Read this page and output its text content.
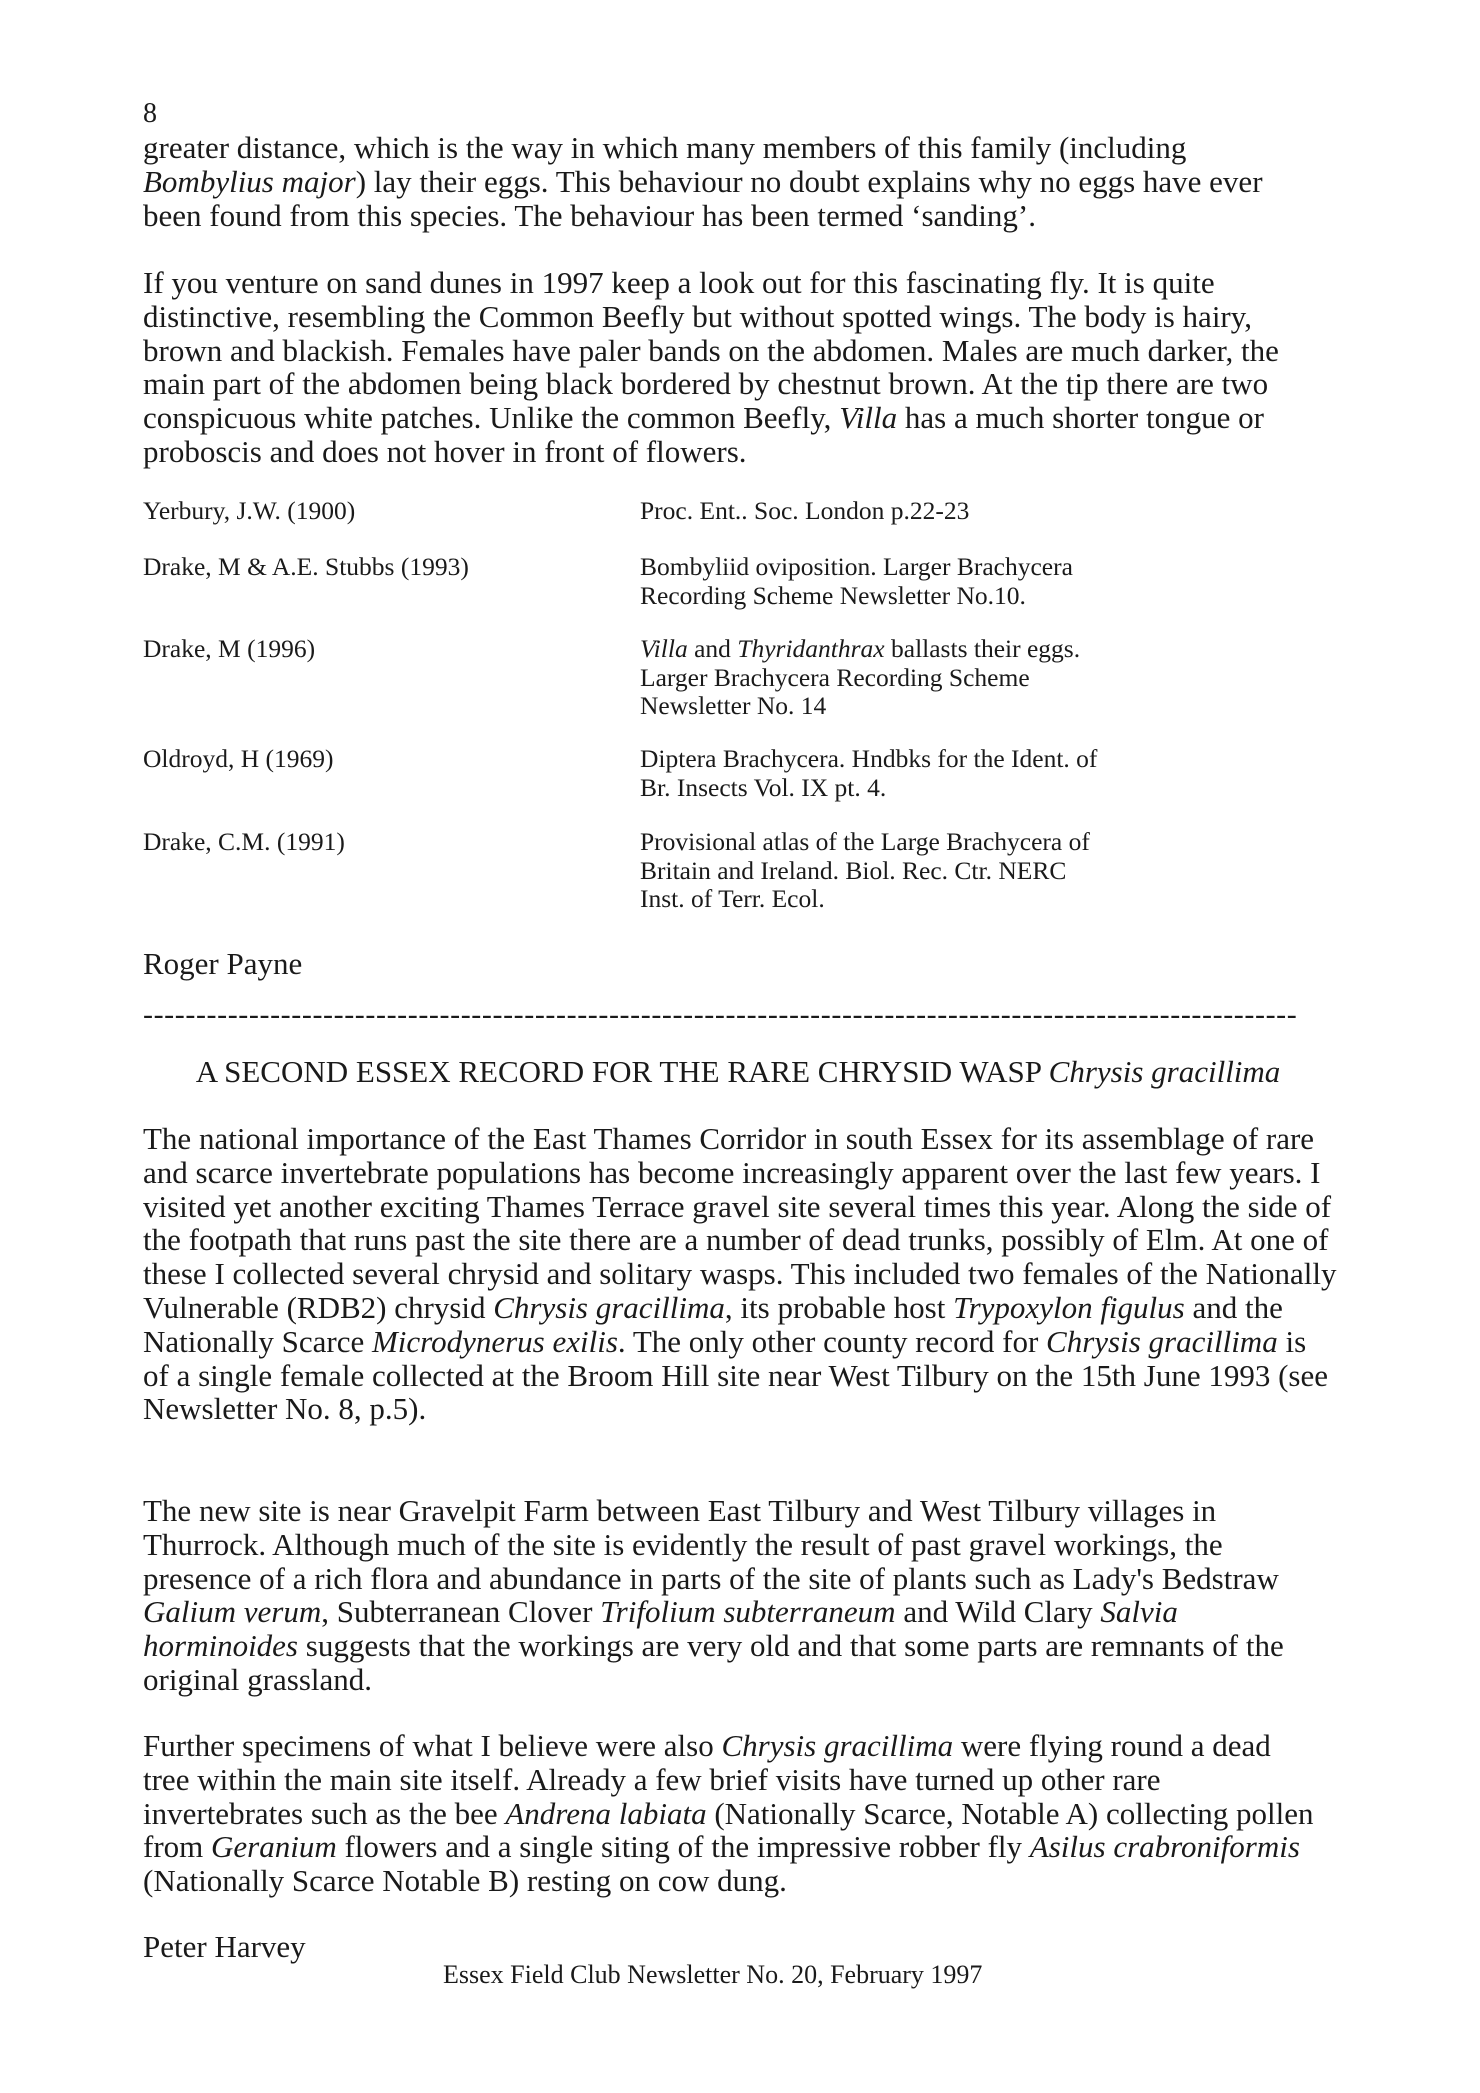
8

greater distance, which is the way in which many members of this family (including Bombylius major) lay their eggs. This behaviour no doubt explains why no eggs have ever been found from this species. The behaviour has been termed ‘sanding’.

If you venture on sand dunes in 1997 keep a look out for this fascinating fly. It is quite distinctive, resembling the Common Beefly but without spotted wings. The body is hairy, brown and blackish. Females have paler bands on the abdomen. Males are much darker, the main part of the abdomen being black bordered by chestnut brown. At the tip there are two conspicuous white patches. Unlike the common Beefly, Villa has a much shorter tongue or proboscis and does not hover in front of flowers.

Yerbury, J.W. (1900)	Proc. Ent.. Soc. London p.22-23
Drake, M & A.E. Stubbs (1993)	Bombyliid oviposition. Larger Brachycera
Recording Scheme Newsletter No.10.
Drake, M (1996)	Villa and Thyridanthrax ballasts their eggs.
Larger Brachycera Recording Scheme
Newsletter No. 14
Oldroyd, H (1969)	Diptera Brachycera. Hndbks for the Ident. of
Br. Insects Vol. IX pt. 4.
Drake, C.M. (1991)	Provisional atlas of the Large Brachycera of
Britain and Ireland. Biol. Rec. Ctr. NERC
Inst. of Terr. Ecol.
Roger Payne
-------------------------------------------------------------------------------------------------------------
A SECOND ESSEX RECORD FOR THE RARE CHRYSID WASP Chrysis gracillima

The national importance of the East Thames Corridor in south Essex for its assemblage of rare and scarce invertebrate populations has become increasingly apparent over the last few years. I visited yet another exciting Thames Terrace gravel site several times this year. Along the side of the footpath that runs past the site there are a number of dead trunks, possibly of Elm. At one of these I collected several chrysid and solitary wasps. This included two females of the Nationally Vulnerable (RDB2) chrysid Chrysis gracillima, its probable host Trypoxylon figulus and the Nationally Scarce Microdynerus exilis. The only other county record for Chrysis gracillima is of a single female collected at the Broom Hill site near West Tilbury on the 15th June 1993 (see Newsletter No. 8, p.5).

The new site is near Gravelpit Farm between East Tilbury and West Tilbury villages in Thurrock. Although much of the site is evidently the result of past gravel workings, the presence of a rich flora and abundance in parts of the site of plants such as Lady's Bedstraw Galium verum, Subterranean Clover Trifolium subterraneum and Wild Clary Salvia horminoides suggests that the workings are very old and that some parts are remnants of the original grassland.

Further specimens of what I believe were also Chrysis gracillima were flying round a dead tree within the main site itself. Already a few brief visits have turned up other rare invertebrates such as the bee Andrena labiata (Nationally Scarce, Notable A) collecting pollen from Geranium flowers and a single siting of the impressive robber fly Asilus crabroniformis (Nationally Scarce Notable B) resting on cow dung.

Peter Harvey
Essex Field Club Newsletter No. 20, February 1997
